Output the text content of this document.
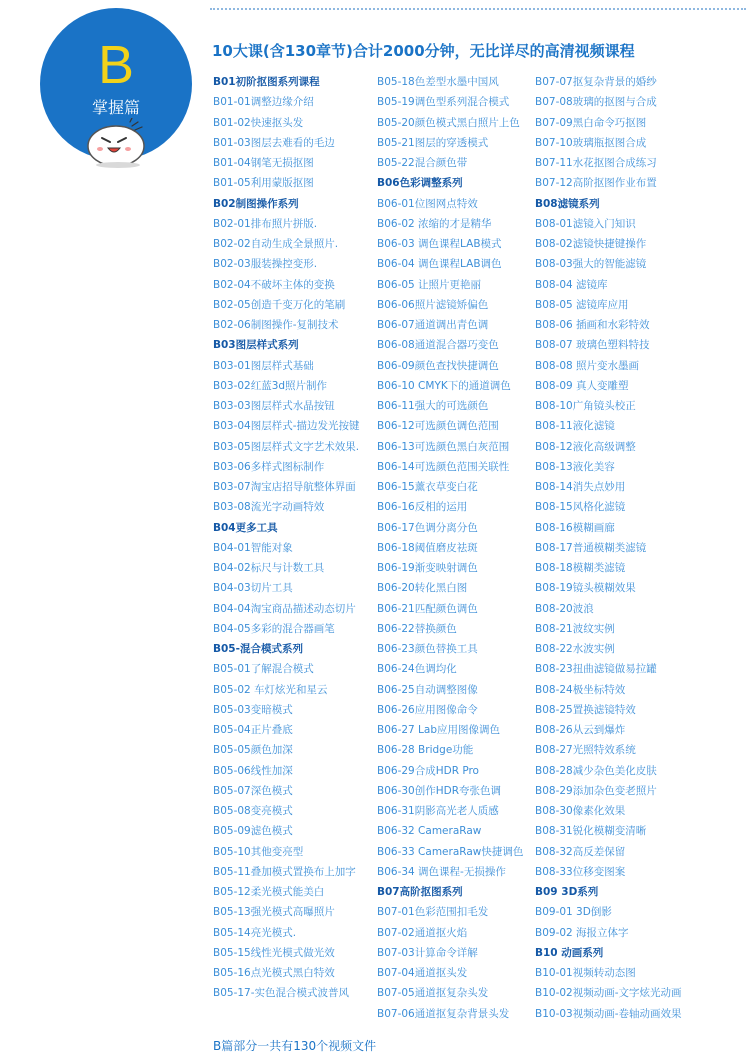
B
掌握篇
10大课(含130章节)合计2000分钟，无比详尽的高清视频课程
B01初阶抠图系列课程
B01-01调整边缘介绍
B01-02快速抠头发
B01-03图层去难看的毛边
B01-04钢笔无损抠图
B01-05利用蒙版抠图
B02制图操作系列
B02-01排布照片拼版.
B02-02自动生成全景照片.
B02-03服装操控变形.
B02-04不破坏主体的变换
B02-05创造千变万化的笔刷
B02-06制图操作-复制技术
B03图层样式系列
B03-01图层样式基础
B03-02红蓝3d照片制作
B03-03图层样式水晶按钮
B03-04图层样式-描边发光按键
B03-05图层样式文字艺术效果.
B03-06多样式图标制作
B03-07淘宝店招导航整体界面
B03-08流光字动画特效
B04更多工具
B04-01智能对象
B04-02标尺与计数工具
B04-03切片工具
B04-04淘宝商品描述动态切片
B04-05多彩的混合器画笔
B05-混合模式系列
B05-01了解混合模式
B05-02 车灯炫光和星云
B05-03变暗模式
B05-04正片叠底
B05-05颜色加深
B05-06线性加深
B05-07深色模式
B05-08变亮模式
B05-09滤色模式
B05-10其他变亮型
B05-11叠加模式置换布上加字
B05-12柔光模式能美白
B05-13强光模式高曝照片
B05-14亮光模式.
B05-15线性光模式做光效
B05-16点光模式黑白特效
B05-17-实色混合模式波普风
B05-18色差型水墨中国风
B05-19调色型系列混合模式
B05-20颜色模式黑白照片上色
B05-21图层的穿透模式
B05-22混合颜色带
B06色彩调整系列
B06-01位图网点特效
B06-02 浓缩的才是精华
B06-03 调色课程LAB模式
B06-04 调色课程LAB调色
B06-05 让照片更艳丽
B06-06照片滤镜矫偏色
B06-07通道调出青色调
B06-08通道混合器巧变色
B06-09颜色查找快捷调色
B06-10 CMYK下的通道调色
B06-11强大的可选颜色
B06-12可选颜色调色范围
B06-13可选颜色黑白灰范围
B06-14可选颜色范围关联性
B06-15薰衣草变白花
B06-16反相的运用
B06-17色调分离分色
B06-18阈值磨皮祛斑
B06-19渐变映射调色
B06-20转化黑白图
B06-21匹配颜色调色
B06-22替换颜色
B06-23颜色替换工具
B06-24色调均化
B06-25自动调整图像
B06-26应用图像命令
B06-27 Lab应用图像调色
B06-28 Bridge功能
B06-29合成HDR Pro
B06-30创作HDR夸张色调
B06-31阴影高光老人质感
B06-32 CameraRaw
B06-33 CameraRaw快捷调色
B06-34 调色课程-无损操作
B07高阶抠图系列
B07-01色彩范围扣毛发
B07-02通道抠火焰
B07-03计算命令详解
B07-04通道抠头发
B07-05通道抠复杂头发
B07-06通道抠复杂背景头发
B07-07抠复杂背景的婚纱
B07-08玻璃的抠图与合成
B07-09黑白命令巧抠图
B07-10玻璃瓶抠图合成
B07-11水花抠图合成练习
B07-12高阶抠图作业布置
B08滤镜系列
B08-01滤镜入门知识
B08-02滤镜快捷键操作
B08-03强大的智能滤镜
B08-04 滤镜库
B08-05 滤镜库应用
B08-06 插画和水彩特效
B08-07 玻璃色塑料特技
B08-08 照片变水墨画
B08-09 真人变雕塑
B08-10广角镜头校正
B08-11液化滤镜
B08-12液化高级调整
B08-13液化美容
B08-14消失点妙用
B08-15风格化滤镜
B08-16模糊画廊
B08-17普通模糊类滤镜
B08-18模糊类滤镜
B08-19镜头模糊效果
B08-20波浪
B08-21波纹实例
B08-22水波实例
B08-23扭曲滤镜做易拉罐
B08-24极坐标特效
B08-25置换滤镜特效
B08-26从云到爆炸
B08-27光照特效系统
B08-28减少杂色美化皮肤
B08-29添加杂色变老照片
B08-30像素化效果
B08-31锐化模糊变清晰
B08-32高反差保留
B08-33位移变图案
B09 3D系列
B09-01 3D倒影
B09-02 海报立体字
B10 动画系列
B10-01视频转动态图
B10-02视频动画-文字炫光动画
B10-03视频动画-卷轴动画效果
B篇部分一共有130个视频文件
